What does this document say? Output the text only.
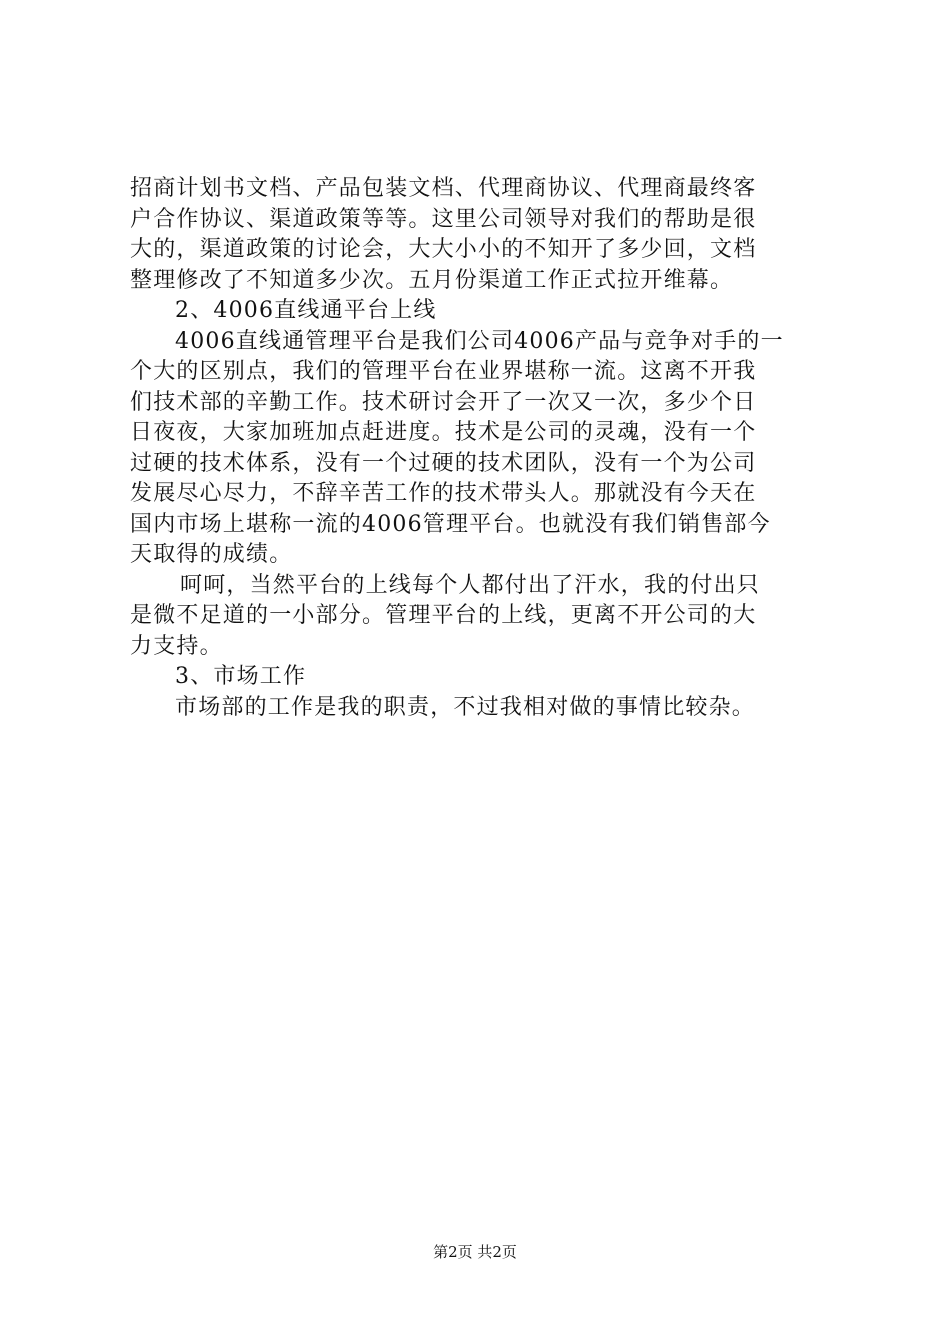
招商计划书文档、产品包装文档、代理商协议、代理商最终客

户合作协议、渠道政策等等。这里公司领导对我们的帮助是很

大的，渠道政策的讨论会，大大小小的不知开了多少回，文档

整理修改了不知道多少次。五月份渠道工作正式拉开维幕。

2、4006直线通平台上线

4006直线通管理平台是我们公司4006产品与竞争对手的一

个大的区别点，我们的管理平台在业界堪称一流。这离不开我

们技术部的辛勤工作。技术研讨会开了一次又一次，多少个日

日夜夜，大家加班加点赶进度。技术是公司的灵魂，没有一个

过硬的技术体系，没有一个过硬的技术团队，没有一个为公司

发展尽心尽力，不辞辛苦工作的技术带头人。那就没有今天在

国内市场上堪称一流的4006管理平台。也就没有我们销售部今

天取得的成绩。

呵呵，当然平台的上线每个人都付出了汗水，我的付出只

是微不足道的一小部分。管理平台的上线，更离不开公司的大

力支持。

3、市场工作

市场部的工作是我的职责，不过我相对做的事情比较杂。

第2页 共2页
